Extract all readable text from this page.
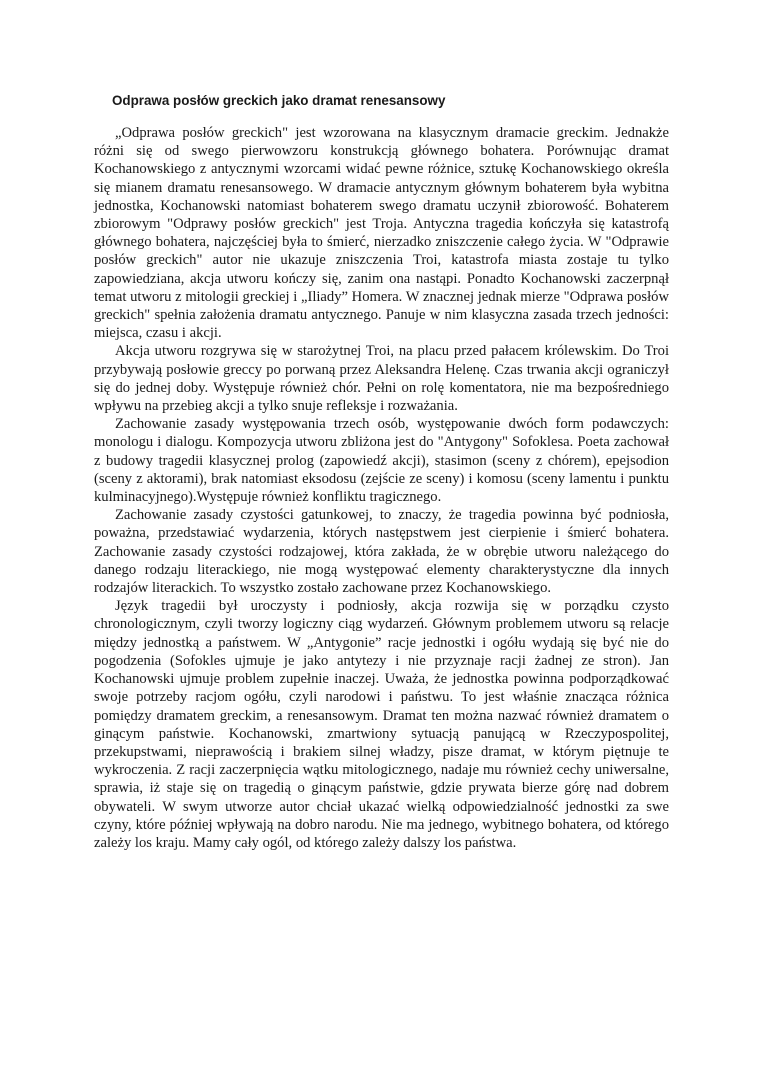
Odprawa posłów greckich jako dramat renesansowy

„Odprawa posłów greckich" jest wzorowana na klasycznym dramacie greckim. Jednakże różni się od swego pierwowzoru konstrukcją głównego bohatera. Porównując dramat Kochanowskiego z antycznymi wzorcami widać pewne różnice, sztukę Kochanowskiego określa się mianem dramatu renesansowego. W dramacie antycznym głównym bohaterem była wybitna jednostka, Kochanowski natomiast bohaterem swego dramatu uczynił zbiorowość. Bohaterem zbiorowym "Odprawy posłów greckich" jest Troja. Antyczna tragedia kończyła się katastrofą głównego bohatera, najczęściej była to śmierć, nierzadko zniszczenie całego życia. W "Odprawie posłów greckich" autor nie ukazuje zniszczenia Troi, katastrofa miasta zostaje tu tylko zapowiedziana, akcja utworu kończy się, zanim ona nastąpi. Ponadto Kochanowski zaczerpnął temat utworu z mitologii greckiej i „Iliady” Homera. W znacznej jednak mierze "Odprawa posłów greckich" spełnia założenia dramatu antycznego. Panuje w nim klasyczna zasada trzech jedności: miejsca, czasu i akcji.

Akcja utworu rozgrywa się w starożytnej Troi, na placu przed pałacem królewskim. Do Troi przybywają posłowie greccy po porwaną przez Aleksandra Helenę. Czas trwania akcji ograniczył się do jednej doby. Występuje również chór. Pełni on rolę komentatora, nie ma bezpośredniego wpływu na przebieg akcji a tylko snuje refleksje i rozważania.

Zachowanie zasady występowania trzech osób, występowanie dwóch form podawczych: monologu i dialogu. Kompozycja utworu zbliżona jest do "Antygony" Sofoklesa. Poeta zachował z budowy tragedii klasycznej prolog (zapowiedź akcji), stasimon (sceny z chórem), epejsodion (sceny z aktorami), brak natomiast eksodosu (zejście ze sceny) i komosu (sceny lamentu i punktu kulminacyjnego).Występuje również konfliktu tragicznego.

Zachowanie zasady czystości gatunkowej, to znaczy, że tragedia powinna być podniosła, poważna, przedstawiać wydarzenia, których następstwem jest cierpienie i śmierć bohatera. Zachowanie zasady czystości rodzajowej, która zakłada, że w obrębie utworu należącego do danego rodzaju literackiego, nie mogą występować elementy charakterystyczne dla innych rodzajów literackich. To wszystko zostało zachowane przez Kochanowskiego.

Język tragedii był uroczysty i podniosły, akcja rozwija się w porządku czysto chronologicznym, czyli tworzy logiczny ciąg wydarzeń. Głównym problemem utworu są relacje między jednostką a państwem. W „Antygonie” racje jednostki i ogółu wydają się być nie do pogodzenia (Sofokles ujmuje je jako antytezy i nie przyznaje racji żadnej ze stron). Jan Kochanowski ujmuje problem zupełnie inaczej. Uważa, że jednostka powinna podporządkować swoje potrzeby racjom ogółu, czyli narodowi i państwu. To jest właśnie znacząca różnica pomiędzy dramatem greckim, a renesansowym. Dramat ten można nazwać również dramatem o ginącym państwie. Kochanowski, zmartwiony sytuacją panującą w Rzeczypospolitej, przekupstwami, nieprawością i brakiem silnej władzy, pisze dramat, w którym piętnuje te wykroczenia. Z racji zaczerpnięcia wątku mitologicznego, nadaje mu również cechy uniwersalne, sprawia, iż staje się on tragedią o ginącym państwie, gdzie prywata bierze górę nad dobrem obywateli. W swym utworze autor chciał ukazać wielką odpowiedzialność jednostki za swe czyny, które później wpływają na dobro narodu. Nie ma jednego, wybitnego bohatera, od którego zależy los kraju. Mamy cały ogól, od którego zależy dalszy los państwa.
